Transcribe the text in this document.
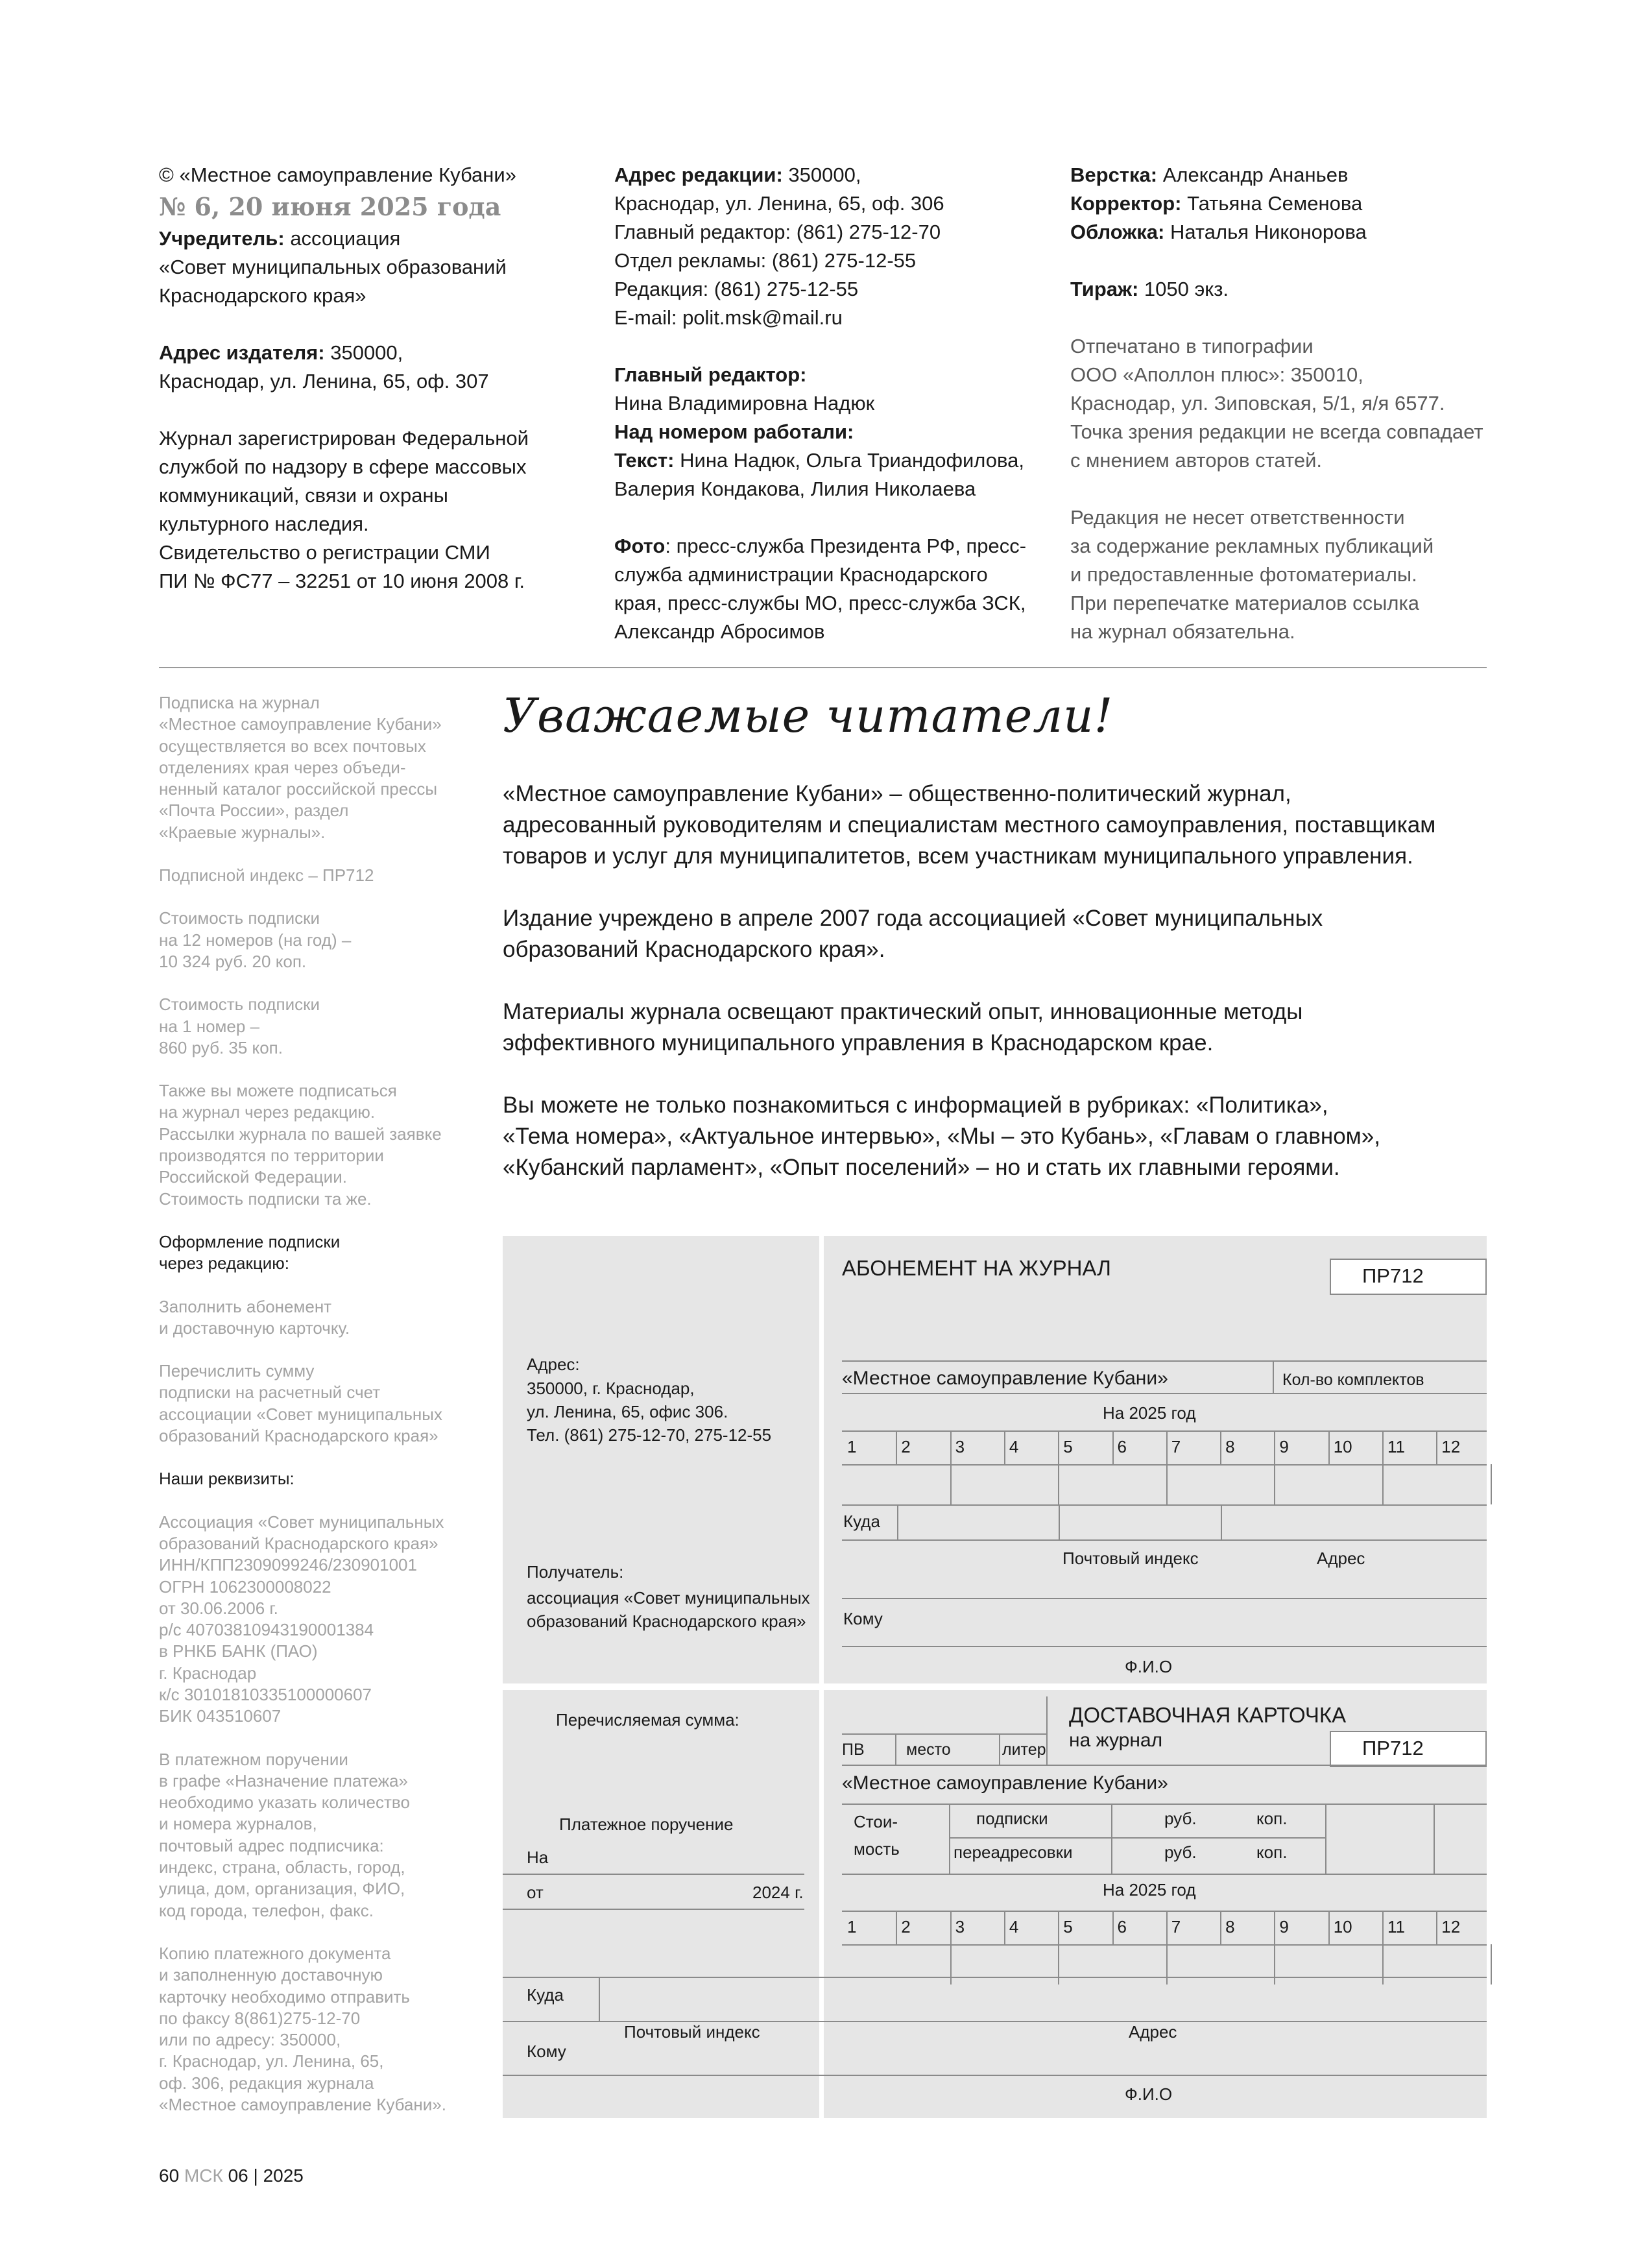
© «Местное самоуправление Кубани»

№ 6, 20 июня 2025 года

Учредитель: ассоциация

«Совет муниципальных образований

Краснодарского края»

Адрес издателя: 350000,

Краснодар, ул. Ленина, 65, оф. 307

Журнал зарегистрирован Федеральной

службой по надзору в сфере массовых

коммуникаций, связи и охраны

культурного наследия.

Свидетельство о регистрации СМИ

ПИ № ФС77 – 32251 от 10 июня 2008 г.

Адрес редакции: 350000,

Краснодар, ул. Ленина, 65, оф. 306

Главный редактор: (861) 275-12-70

Отдел рекламы: (861) 275-12-55

Редакция: (861) 275-12-55

E-mail: polit.msk@mail.ru

Главный редактор:

Нина Владимировна Надюк

Над номером работали:

Текст: Нина Надюк, Ольга Триандофилова,

Валерия Кондакова, Лилия Николаева

Фото: пресс-служба Президента РФ, пресс-

служба администрации Краснодарского

края, пресс-службы МО, пресс-служба ЗСК,

Александр Абросимов

Верстка: Александр Ананьев

Корректор: Татьяна Семенова

Обложка: Наталья Никонорова

Тираж: 1050 экз.

Отпечатано в типографии

ООО «Аполлон плюс»: 350010,

Краснодар, ул. Зиповская, 5/1, я/я 6577.

Точка зрения редакции не всегда совпадает

с мнением авторов статей.

Редакция не несет ответственности

за содержание рекламных публикаций

и предоставленные фотоматериалы.

При перепечатке материалов ссылка

на журнал обязательна.

Подписка на журнал
«Местное самоуправление Кубани»
осуществляется во всех почтовых
отделениях края через объеди-
ненный каталог российской прессы
«Почта России», раздел
«Краевые журналы».
Подписной индекс – ПР712
Стоимость подписки
на 12 номеров (на год) –
10 324 руб. 20 коп.
Стоимость подписки
на 1 номер –
860 руб. 35 коп.
Также вы можете подписаться
на журнал через редакцию.
Рассылки журнала по вашей заявке
производятся по территории
Российской Федерации.
Стоимость подписки та же.
Оформление подписки
через редакцию:
Заполнить абонемент
и доставочную карточку.
Перечислить сумму
подписки на расчетный счет
ассоциации «Совет муниципальных
образований Краснодарского края»
Наши реквизиты:
Ассоциация «Совет муниципальных
образований Краснодарского края»
ИНН/КПП2309099246/230901001
ОГРН 1062300008022
от 30.06.2006 г.
р/с 40703810943190001384
в РНКБ БАНК (ПАО)
г. Краснодар
к/с 30101810335100000607
БИК 043510607
В платежном поручении
в графе «Назначение платежа»
необходимо указать количество
и номера журналов,
почтовый адрес подписчика:
индекс, страна, область, город,
улица, дом, организация, ФИО,
код города, телефон, факс.
Копию платежного документа
и заполненную доставочную
карточку необходимо отправить
по факсу 8(861)275-12-70
или по адресу: 350000,
г. Краснодар, ул. Ленина, 65,
оф. 306, редакция журнала
«Местное самоуправление Кубани».
Уважаемые читатели!

«Местное самоуправление Кубани» – общественно-политический журнал,
адресованный руководителям и специалистам местного самоуправления, поставщикам
товаров и услуг для муниципалитетов, всем участникам муниципального управления.

Издание учреждено в апреле 2007 года ассоциацией «Совет муниципальных
образований Краснодарского края».

Материалы журнала освещают практический опыт, инновационные методы
эффективного муниципального управления в Краснодарском крае.

Вы можете не только познакомиться с информацией в рубриках: «Политика»,
«Тема номера», «Актуальное интервью», «Мы – это Кубань», «Главам о главном»,
«Кубанский парламент», «Опыт поселений» – но и стать их главными героями.

Адрес:
350000, г. Краснодар,
ул. Ленина, 65, офис 306.
Тел. (861) 275-12-70, 275-12-55
Получатель:
ассоциация «Совет муниципальных
образований Краснодарского края»
АБОНЕМЕНТ НА ЖУРНАЛ	ПР712
«Местное самоуправление Кубани»	Кол-во комплектов
На 2025 год
1	2	3	4	5	6	7	8	9	10 11 12
Куда
Почтовый индекс	Адрес
Кому
Ф.И.О
Перечисляемая сумма:
Платежное поручение
На
от	2024 г.
Куда
Почтовый индекс
Кому
ПВ	место	литер
ДОСТАВОЧНАЯ КАРТОЧКА
на журнал	ПР712
«Местное самоуправление Кубани»
Стои-
мость
подписки	руб.	коп.
переадресовки	руб.	коп.
На 2025 год
1	2	3	4	5	6	7	8	9	10 11 12
Адрес
Ф.И.О
60 МСК 06 | 2025
